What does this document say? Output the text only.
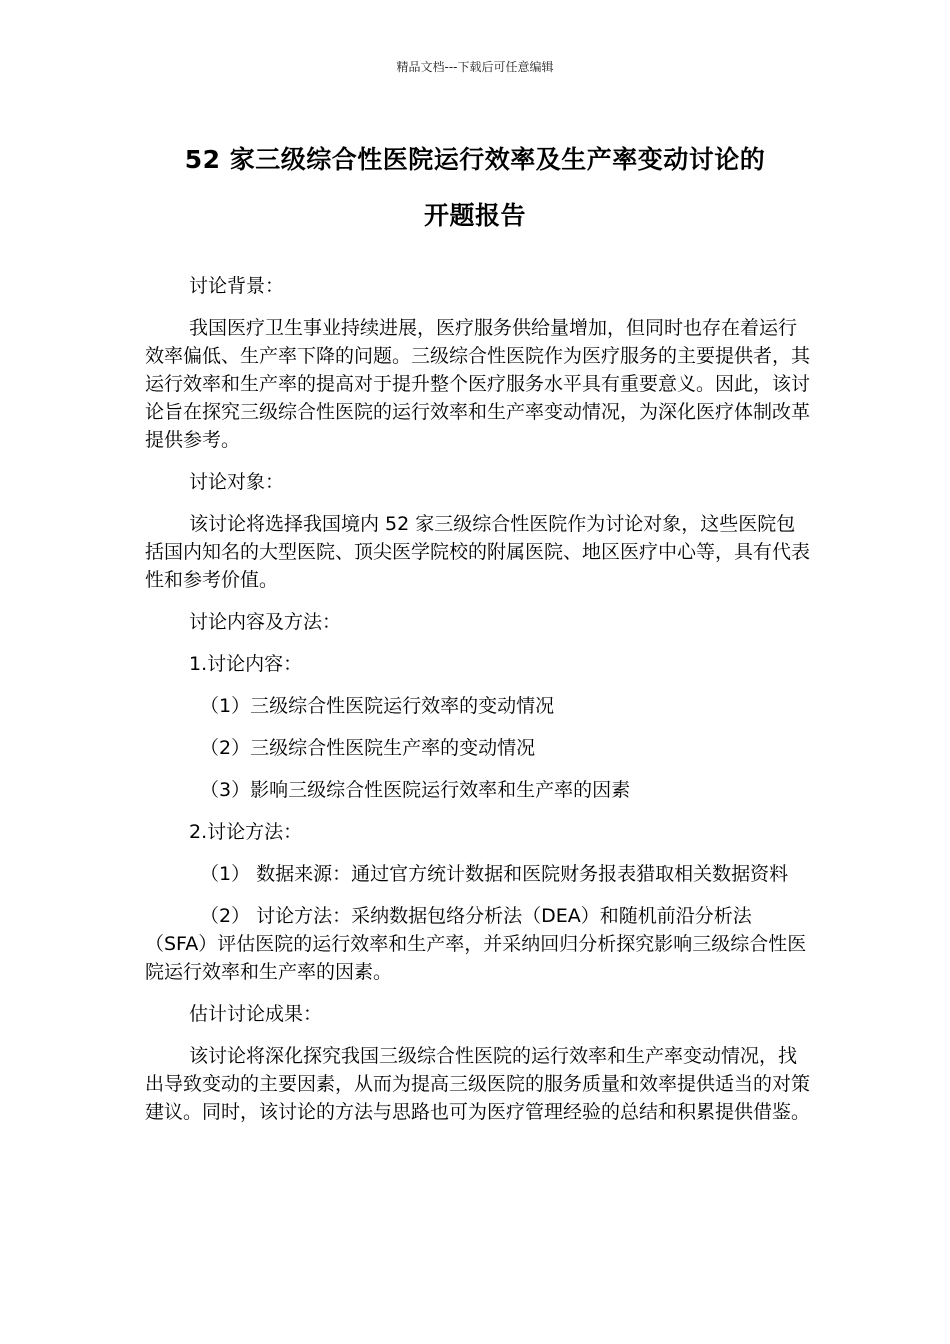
精品文档---下载后可任意编辑
52 家三级综合性医院运行效率及生产率变动讨论的
开题报告
讨论背景：
我国医疗卫生事业持续进展，医疗服务供给量增加，但同时也存在着运行效率偏低、生产率下降的问题。三级综合性医院作为医疗服务的主要提供者，其运行效率和生产率的提高对于提升整个医疗服务水平具有重要意义。因此，该讨论旨在探究三级综合性医院的运行效率和生产率变动情况，为深化医疗体制改革提供参考。
讨论对象：
该讨论将选择我国境内 52 家三级综合性医院作为讨论对象，这些医院包括国内知名的大型医院、顶尖医学院校的附属医院、地区医疗中心等，具有代表性和参考价值。
讨论内容及方法：
1.讨论内容：
（1）三级综合性医院运行效率的变动情况
（2）三级综合性医院生产率的变动情况
（3）影响三级综合性医院运行效率和生产率的因素
2.讨论方法：
（1） 数据来源：通过官方统计数据和医院财务报表猎取相关数据资料
（2） 讨论方法：采纳数据包络分析法（DEA）和随机前沿分析法（SFA）评估医院的运行效率和生产率，并采纳回归分析探究影响三级综合性医院运行效率和生产率的因素。
估计讨论成果：
该讨论将深化探究我国三级综合性医院的运行效率和生产率变动情况，找出导致变动的主要因素，从而为提高三级医院的服务质量和效率提供适当的对策建议。同时，该讨论的方法与思路也可为医疗管理经验的总结和积累提供借鉴。
